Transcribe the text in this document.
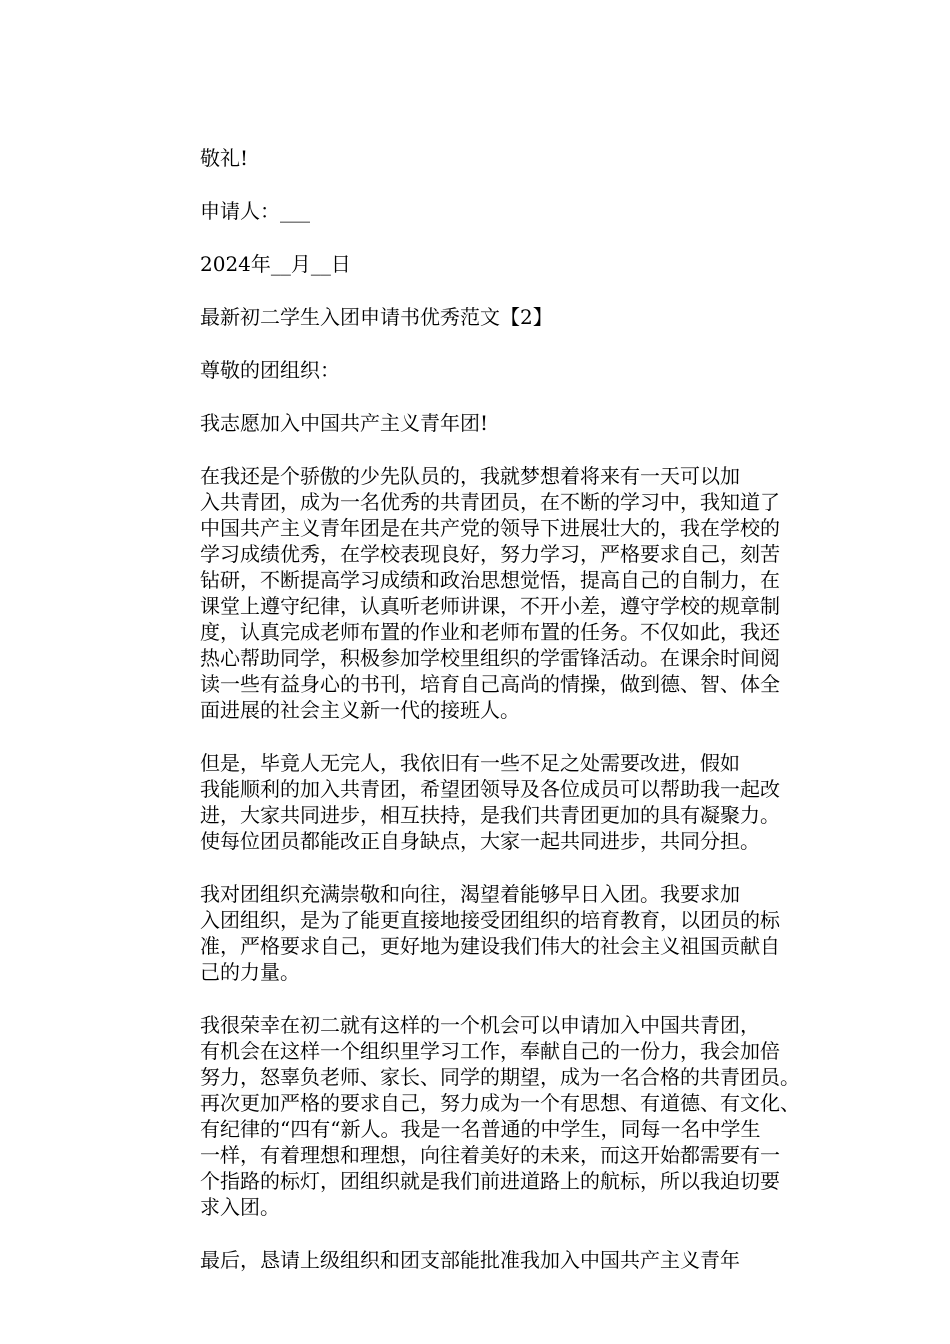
敬礼!

申请人：___

2024年__月__日

最新初二学生入团申请书优秀范文【2】

尊敬的团组织：

我志愿加入中国共产主义青年团!

在我还是个骄傲的少先队员的，我就梦想着将来有一天可以加
入共青团，成为一名优秀的共青团员，在不断的学习中，我知道了
中国共产主义青年团是在共产党的领导下进展壮大的，我在学校的
学习成绩优秀，在学校表现良好，努力学习，严格要求自己，刻苦
钻研，不断提高学习成绩和政治思想觉悟，提高自己的自制力，在
课堂上遵守纪律，认真听老师讲课，不开小差，遵守学校的规章制
度，认真完成老师布置的作业和老师布置的任务。不仅如此，我还
热心帮助同学，积极参加学校里组织的学雷锋活动。在课余时间阅
读一些有益身心的书刊，培育自己高尚的情操，做到德、智、体全
面进展的社会主义新一代的接班人。
但是，毕竟人无完人，我依旧有一些不足之处需要改进，假如
我能顺利的加入共青团，希望团领导及各位成员可以帮助我一起改
进，大家共同进步，相互扶持，是我们共青团更加的具有凝聚力。
使每位团员都能改正自身缺点，大家一起共同进步，共同分担。
我对团组织充满崇敬和向往，渴望着能够早日入团。我要求加
入团组织，是为了能更直接地接受团组织的培育教育，以团员的标
准，严格要求自己，更好地为建设我们伟大的社会主义祖国贡献自
己的力量。
我很荣幸在初二就有这样的一个机会可以申请加入中国共青团，
有机会在这样一个组织里学习工作，奉献自己的一份力，我会加倍
努力，怒辜负老师、家长、同学的期望，成为一名合格的共青团员。
再次更加严格的要求自己，努力成为一个有思想、有道德、有文化、
有纪律的“四有“新人。我是一名普通的中学生，同每一名中学生
一样，有着理想和理想，向往着美好的未来，而这开始都需要有一
个指路的标灯，团组织就是我们前进道路上的航标，所以我迫切要
求入团。
最后，恳请上级组织和团支部能批准我加入中国共产主义青年
